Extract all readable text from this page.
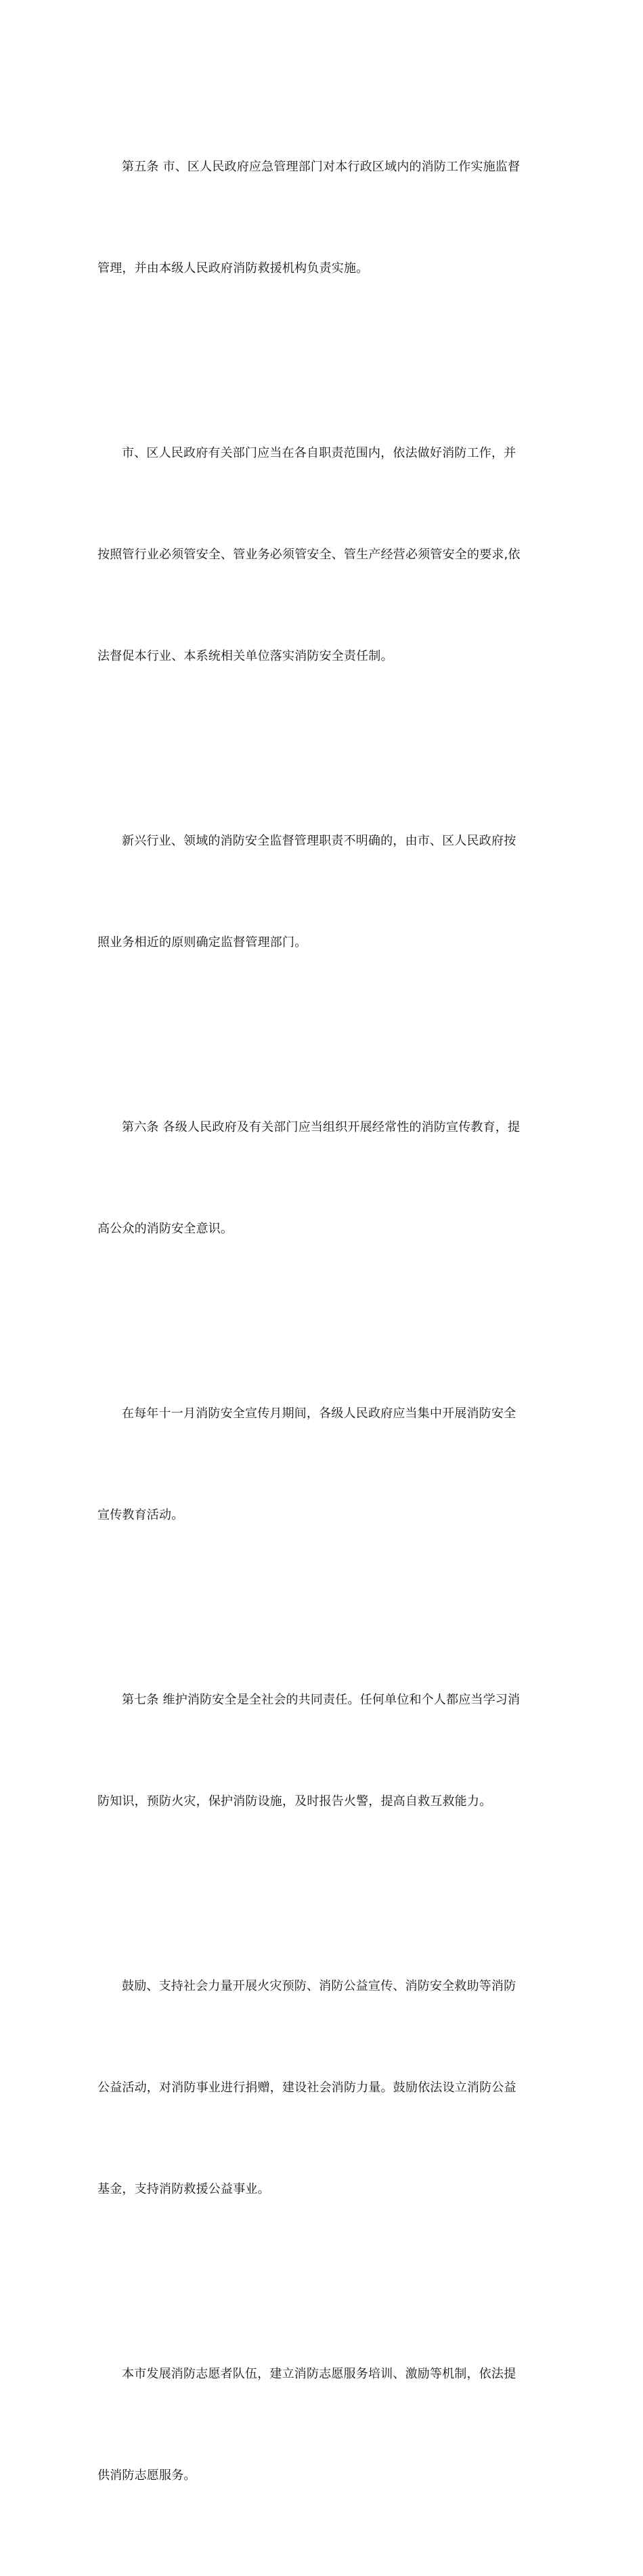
第五条 市、区人民政府应急管理部门对本行政区域内的消防工作实施监督

管理，并由本级人民政府消防救援机构负责实施。

市、区人民政府有关部门应当在各自职责范围内，依法做好消防工作，并

按照管行业必须管安全、管业务必须管安全、管生产经营必须管安全的要求,依

法督促本行业、本系统相关单位落实消防安全责任制。

新兴行业、领域的消防安全监督管理职责不明确的，由市、区人民政府按

照业务相近的原则确定监督管理部门。

第六条 各级人民政府及有关部门应当组织开展经常性的消防宣传教育，提

高公众的消防安全意识。

在每年十一月消防安全宣传月期间，各级人民政府应当集中开展消防安全

宣传教育活动。

第七条 维护消防安全是全社会的共同责任。任何单位和个人都应当学习消

防知识，预防火灾，保护消防设施，及时报告火警，提高自救互救能力。

鼓励、支持社会力量开展火灾预防、消防公益宣传、消防安全救助等消防

公益活动，对消防事业进行捐赠，建设社会消防力量。鼓励依法设立消防公益

基金，支持消防救援公益事业。

本市发展消防志愿者队伍，建立消防志愿服务培训、激励等机制，依法提

供消防志愿服务。
